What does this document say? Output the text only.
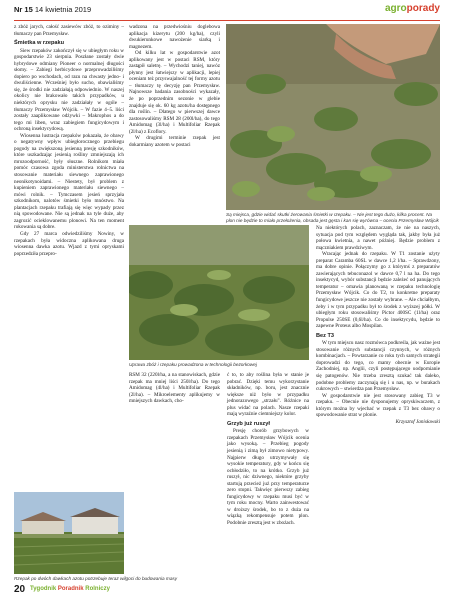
Nr 15 14 kwietnia 2019	agroporady

z zbóż jarych, całość zasiewów zbóż, to oziminy – tłumaczy pan Przemysław.

Śmietka w rzepaku

Siew rzepaków zakończył się w ubiegłym roku w gospodarstwie 23 sierpnia. Poszłane zostały dwie hybrydowe odmiany Pioneer o normalnej długości słomy. – Zabiegi herbicydowe przeprowadziliśmy dopiero po wschodach, od razu na chwasty jedno- i dwuliścienne. Wcześniej było sucho, obawialiśmy się, że środki nie zadziałają odpowiednio. W naszej okolicy nie brakowało takich przypadków, u niektórych oprysku nie zadziałały w ogóle – tłumaczy Przemysław Wójcik. – W fazie 4–5. liści zostały zaaplikowane odżywki – Makrophos a do tego mi liben, wraz zabiegiem fungicydowym i ochroną insektycydową.

Wiosenna lustracja rzepaków pokazała, że obawy o negatywny wpływ ubiegłorocznego przebiegu pogody na zwiększoną jesienną presję szkodników, które uszkadzając jesienią rośliny zmniejszają ich mrozoodporność, były słuszne. Rolnikom miała pomóc czasowa zgoda ministerstwa rolnictwa na stosowanie materiału siewnego zaprawionego neonikotynoidami. – Niestety, był problem z kupieniem zaprawionego materiału siewnego – mówi rolnik. – Tymczasem jesień sprzyjała szkodnikom, nalotów śmietki było mnóstwo. Na plantacjach rzepaku trafiają się więc wypady przez nią spowodowane. Nie są jednak na tyle duże, aby zagrozić ocieklowanemu plonowi. Na ten moment rokowania są dobre.

Gdy 27 marca odwiedziliśmy Nowiny, w rzepakach była widoczna aplikowana druga wiosenna dawka azotu. Wjazd z tymi opryskami poprzedziła przepro-

wadzona na przedwiośniu doglebowa aplikacja kizerytu (200 kg/ha), czyli dwukierunkowe nawożenie siarką i magnezem.

Od kilku lat w gospodarstwie azot aplikowany jest w postaci RSM, który zastąpił saletrę. – Wychodzi taniej, nawóz płynny jest łatwiejszy w aplikacji, lepiej oceniam też przyswajalność tej formy azotu – tłumaczy tę decyzję pan Przemysław. Najnowsze badania zasobności wykazały, że po poprzednim sezonie w glebie znajduje się ok. 60 kg azotu/ha dostępnego dla roślin. – Dlatego w pierwszej dawce zastosowaliśmy RSM 28 (200l/ha), do tego Amidomag (3l/ha) i Multifoliar Rzepak (2l/ha) z Ecoflory.

W drugimi terminie rzepak jest dokarmiany azotem w postaci

Są miejsca, gdzie widać skutki żerowania śmietki w rzepaku. – Nie jest tego dużo, kilka procent. Na plon nie będzie to miało przełożenia, obsada jest gęsta i kan się wyrówna – ocenia Przemysław Wójcik
Uprawa zbóż i rzepaku prowadzona w technologii bezorkowej

RSM 32 (220l/ha, a na stanowiskach, gdzie rzepak ma mniej liści 250l/ha). Do tego Amidomag (4l/ha) i Multifoliar Rzepak (2l/ha). – Mikroelementy aplikujemy w mniejszych dawkach, cho-

ć to, to aby roślina była w stanie je pobrać. Dzięki temu wykorzystanie składników, np. boru, jest znacznie większe niż było w przypadku jednorazowego „strzału". Różnice na plus widać na polach. Nasze rzepaki mają wyraźnie ciemniejszy kolor.

Grzyb już ruszył

Presję chorób grzybowych w rzepakach Przemysław Wójcik ocenia jako wysoką. – Przebieg pogody jesienią i zimą był zimowo nietypowy. Najpierw długo utrzymywały się wysokie temperatury, gdy w końcu się ochłodziło, to na krótko. Grzyb już ruszył, nic dziwnego, niektóre grzyby startują przecież już przy temperaturze zero stopni. Takwięc pierwszy zabieg fungicydowy w rzepaku musi być w tym roku mocny. Warto zainwestować w droższy środek, bo to z duża na wiązką rekompensuje potem plon. Podobnie zresztą jest w zbożach.

Na niektórych polach, zaznaczam, że nie na naszych, sytuacja pod tym względem wygląda tak, jakby była już połowa kwietnia, a nawet później. Będzie problem z mączniakiem prawdziwym.

Wracając jednak do rzepaku. W T1 zostanie użyty preparat Caramba 60SL w dawce 1,2 l/ha. – Sprawdzony, ma dobre opinie. Połączymy go z którymś z preparatów zawierających tebuconazol w dawce 0,7 l na ha. Do tego insektycyd, wybór substancji będzie zależeć od panujących temperatur – omawia planowaną w rzepaku technologię Przemysław Wójcik. Co do T2, to konkretne preparaty fungicydowe jeszcze nie zostały wybrane. – Ale chciałbym, żeby i w tym przypadku był to środek z wyższej półki. W ubiegłym roku stosowaliśmy Pictor 400SC (1l/ha) oraz Propulse 250SE (0,6l/ha). Co do insektycydu, będzie to zapewne Proteus albo Mospilan.

Bez T3

W tym miejscu nasz rozmówca podkreśla, jak ważne jest stosowanie różnych substancji czynnych, w różnych kombinacjach. – Powtarzanie co roku tych samych strategii doprowadzi do tego, co mamy obecnie w Europie Zachodniej, np. Anglii, czyli postępującego uodpornianie się patogenów. Nie trzeba zresztą szukać tak daleko, podobne problemy zaczynają się i u nas, np. w burakach cukrowych – stwierdza pan Przemysław.

W gospodarstwie nie jest stosowany zabieg T3 w rzepaku. – Obecnie nie dysponujemy opryskiwaczem, z którym można by wjechać w rzepak z T3 bez obawy o spowodowanie strat w plonie.

Krzysztof Janisławski

Rzepak po dwóch dawkach azotu potrzebuje teraz wilgoci do budowania masy
20 Tygodnik Poradnik Rolniczy
